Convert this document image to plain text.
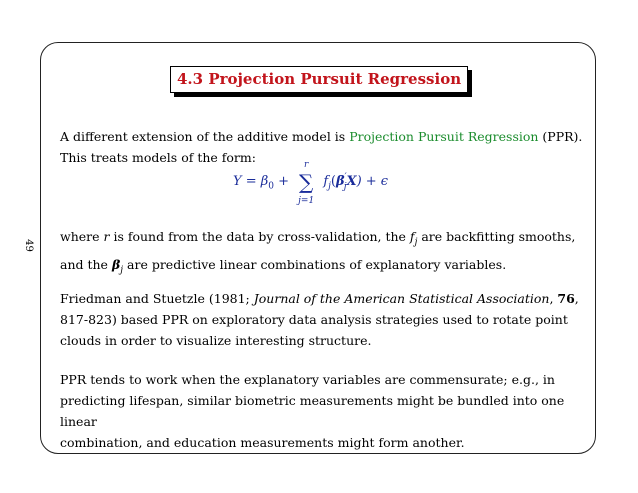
49
4.3 Projection Pursuit Regression
A different extension of the additive model is Projection Pursuit Regression (PPR).
This treats models of the form:
$Y = \beta_0$ +
r
∑
j=1
$f_j(\beta'_jX) + \epsilon$
where r is found from the data by cross-validation, the $f_j$ are backfitting smooths,
and the $\beta_j$ are predictive linear combinations of explanatory variables.
Friedman and Stuetzle (1981; Journal of the American Statistical Association, 76,
817-823) based PPR on exploratory data analysis strategies used to rotate point
clouds in order to visualize interesting structure.
PPR tends to work when the explanatory variables are commensurate; e.g., in
predicting lifespan, similar biometric measurements might be bundled into one linear
combination, and education measurements might form another.
